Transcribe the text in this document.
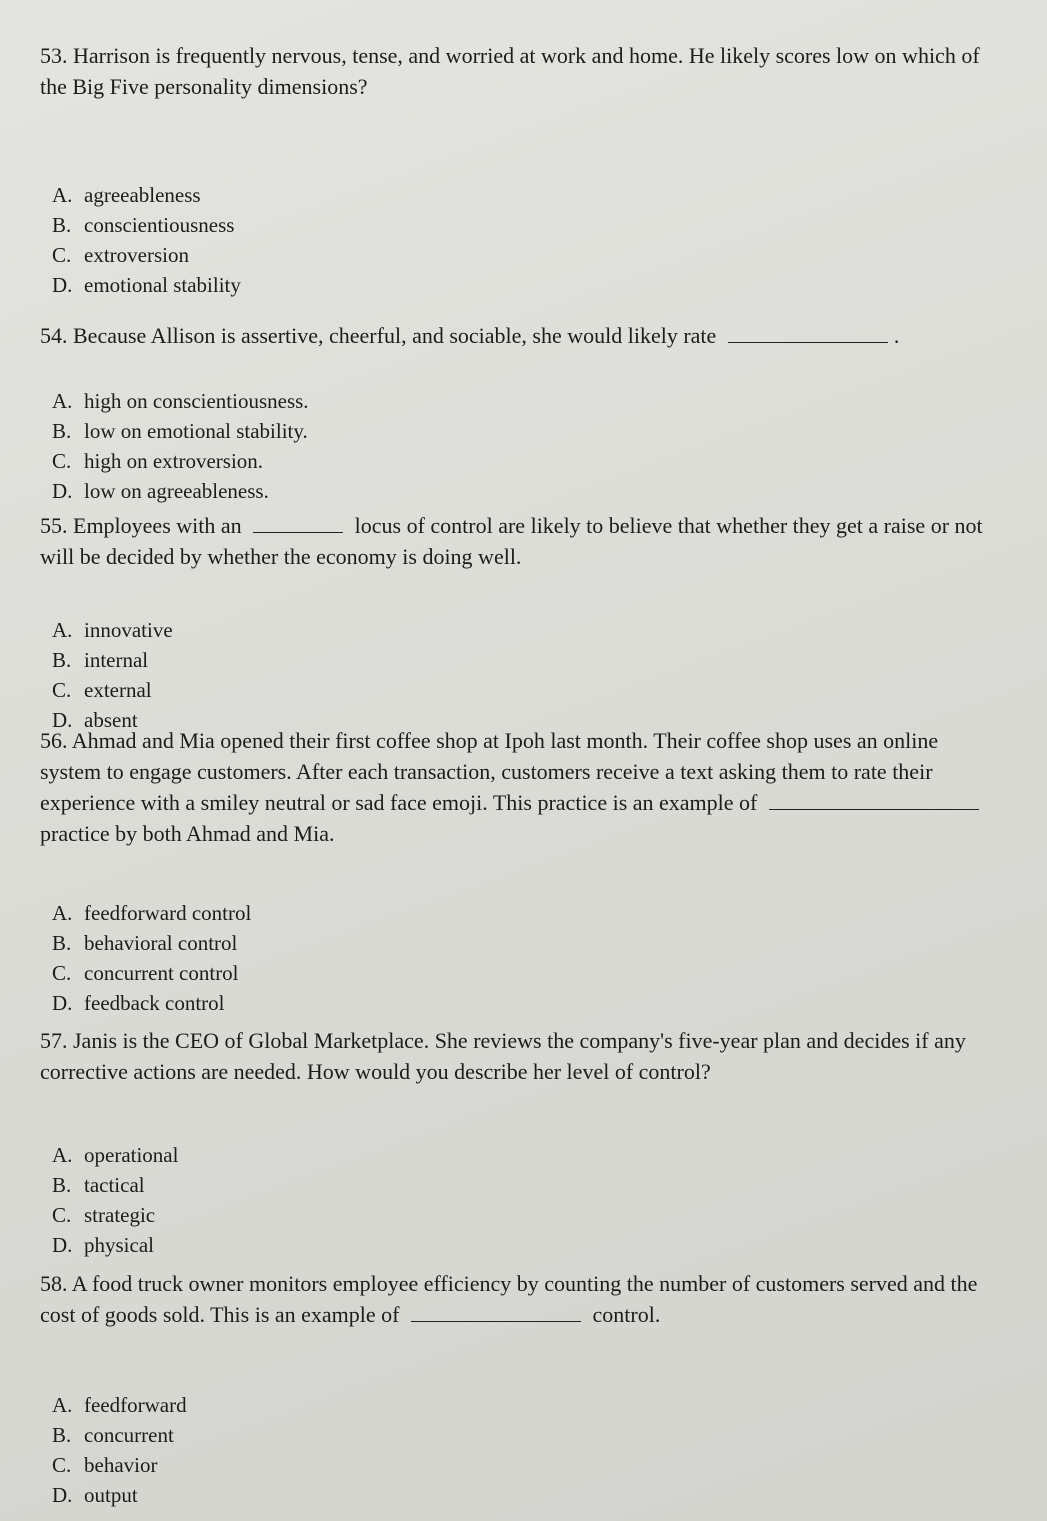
53. Harrison is frequently nervous, tense, and worried at work and home. He likely scores low on which of the Big Five personality dimensions?

A. agreeableness
B. conscientiousness
C. extroversion
D. emotional stability

54. Because Allison is assertive, cheerful, and sociable, she would likely rate	.

A. high on conscientiousness.
B. low on emotional stability.
C. high on extroversion.
D. low on agreeableness.

55. Employees with an	locus of control are likely to believe that whether they get a raise or not will be decided by whether the economy is doing well.

A. innovative
B. internal
C. external
D. absent

56. Ahmad and Mia opened their first coffee shop at Ipoh last month. Their coffee shop uses an online system to engage customers. After each transaction, customers receive a text asking them to rate their experience with a smiley neutral or sad face emoji. This practice is an example of  practice by both Ahmad and Mia.

A. feedforward control
B. behavioral control
C. concurrent control
D. feedback control

57. Janis is the CEO of Global Marketplace. She reviews the company's five-year plan and decides if any corrective actions are needed. How would you describe her level of control?

A. operational
B. tactical
C. strategic
D. physical

58. A food truck owner monitors employee efficiency by counting the number of customers served and the cost of goods sold. This is an example of	control.

A. feedforward
B. concurrent
C. behavior
D. output
